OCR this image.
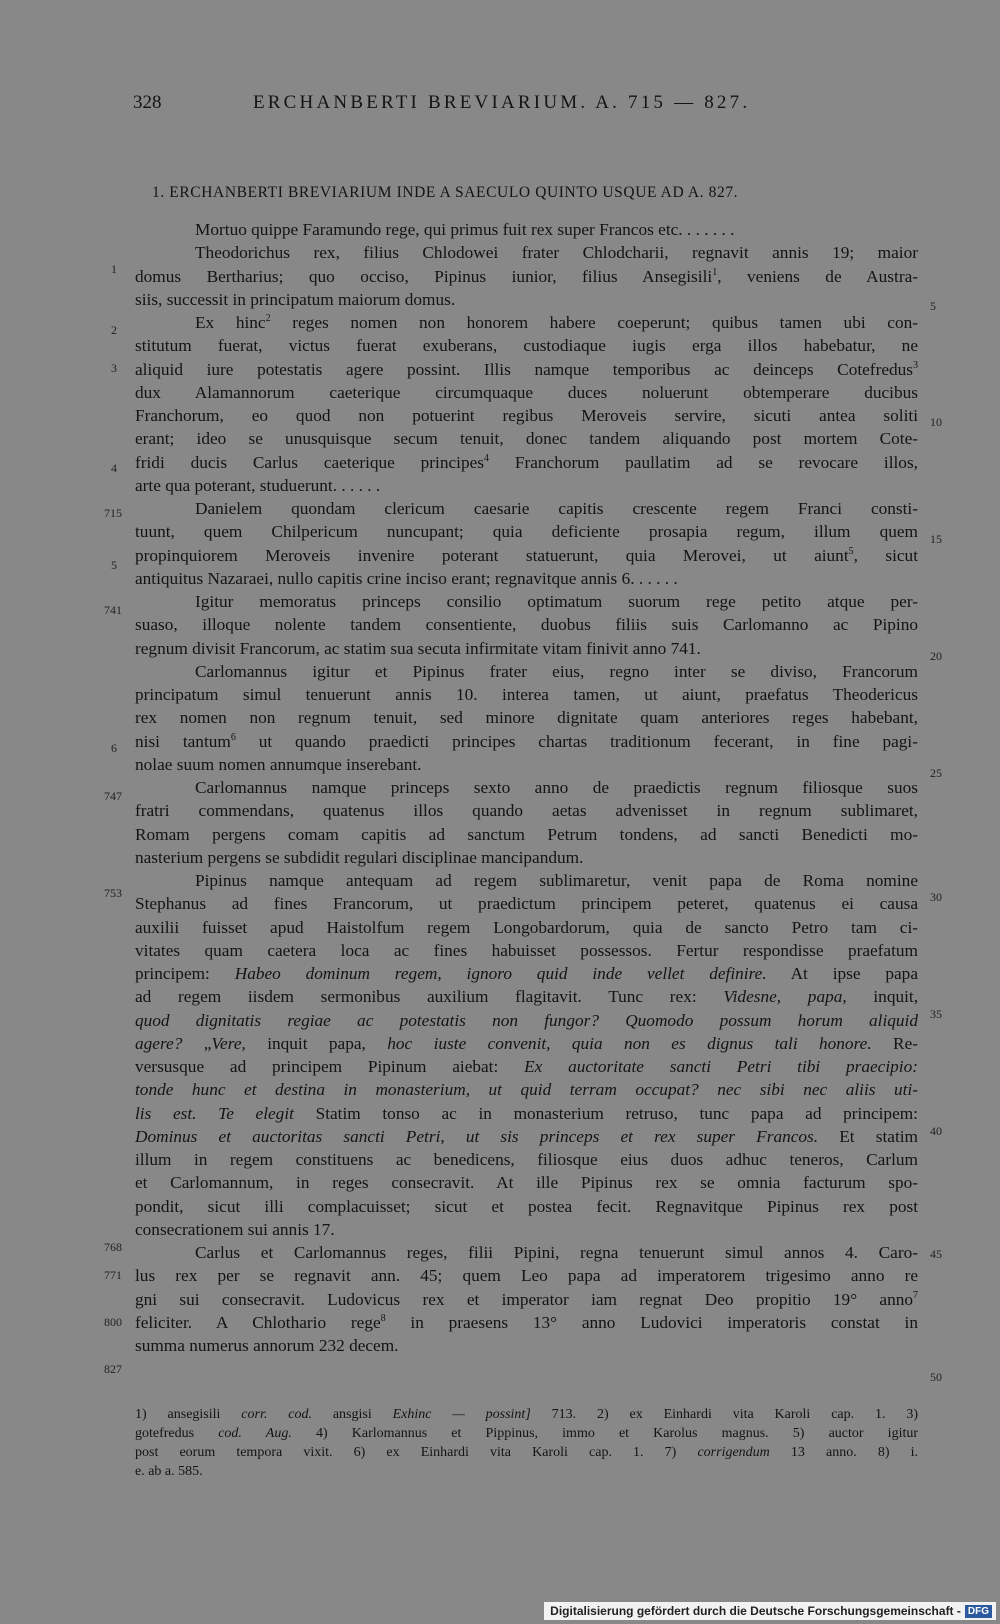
328	ERCHANBERTI BREVIARIUM. A. 715 — 827.
1. ERCHANBERTI BREVIARIUM INDE A SAECULO QUINTO USQUE AD A. 827.
Mortuo quippe Faramundo rege, qui primus fuit rex super Francos etc. . . . . . .
Theodorichus rex, filius Chlodowei frater Chlodcharii, regnavit annis 19; maior
domus Bertharius; quo occiso, Pipinus iunior, filius Ansegisili$^1$, veniens de Austra-
siis, successit in principatum maiorum domus.
Ex hinc$^2$ reges nomen non honorem habere coeperunt; quibus tamen ubi con-
stitutum fuerat, victus fuerat exuberans, custodiaque iugis erga illos habebatur, ne
aliquid iure potestatis agere possint. Illis namque temporibus ac deinceps Cotefredus$^3$
dux Alamannorum caeterique circumquaque duces noluerunt obtemperare ducibus
Franchorum, eo quod non potuerint regibus Meroveis servire, sicuti antea soliti
erant; ideo se unusquisque secum tenuit, donec tandem aliquando post mortem Cote-
fridi ducis Carlus caeterique principes$^4$ Franchorum paullatim ad se revocare illos,
arte qua poterant, studuerunt. . . . . .
Danielem quondam clericum caesarie capitis crescente regem Franci consti-
tuunt, quem Chilpericum nuncupant; quia deficiente prosapia regum, illum quem
propinquiorem Meroveis invenire poterant statuerunt, quia Merovei, ut aiunt$^5$, sicut
antiquitus Nazaraei, nullo capitis crine inciso erant; regnavitque annis 6. . . . . .
Igitur memoratus princeps consilio optimatum suorum rege petito atque per-
suaso, illoque nolente tandem consentiente, duobus filiis suis Carlomanno ac Pipino
regnum divisit Francorum, ac statim sua secuta infirmitate vitam finivit anno 741.
Carlomannus igitur et Pipinus frater eius, regno inter se diviso, Francorum
principatum simul tenuerunt annis 10. interea tamen, ut aiunt, praefatus Theodericus
rex nomen non regnum tenuit, sed minore dignitate quam anteriores reges habebant,
nisi tantum$^6$ ut quando praedicti principes chartas traditionum fecerant, in fine pagi-
nolae suum nomen annumque inserebant.
Carlomannus namque princeps sexto anno de praedictis regnum filiosque suos
fratri commendans, quatenus illos quando aetas advenisset in regnum sublimaret,
Romam pergens comam capitis ad sanctum Petrum tondens, ad sancti Benedicti mo-
nasterium pergens se subdidit regulari disciplinae mancipandum.
Pipinus namque antequam ad regem sublimaretur, venit papa de Roma nomine
Stephanus ad fines Francorum, ut praedictum principem peteret, quatenus ei causa
auxilii fuisset apud Haistolfum regem Longobardorum, quia de sancto Petro tam ci-
vitates quam caetera loca ac fines habuisset possessos. Fertur respondisse praefatum
principem: Habeo dominum regem, ignoro quid inde vellet definire. At ipse papa
ad regem iisdem sermonibus auxilium flagitavit. Tunc rex: Videsne, papa, inquit,
quod dignitatis regiae ac potestatis non fungor? Quomodo possum horum aliquid
agere? „Vere, inquit papa, hoc iuste convenit, quia non es dignus tali honore. Re-
versusque ad principem Pipinum aiebat: Ex auctoritate sancti Petri tibi praecipio:
tonde hunc et destina in monasterium, ut quid terram occupat? nec sibi nec aliis uti-
lis est. Te elegit Statim tonso ac in monasterium retruso, tunc papa ad principem:
Dominus et auctoritas sancti Petri, ut sis princeps et rex super Francos. Et statim
illum in regem constituens ac benedicens, filiosque eius duos adhuc teneros, Carlum
et Carlomannum, in reges consecravit. At ille Pipinus rex se omnia facturum spo-
pondit, sicut illi complacuisset; sicut et postea fecit. Regnavitque Pipinus rex post
consecrationem sui annis 17.
Carlus et Carlomannus reges, filii Pipini, regna tenuerunt simul annos 4. Caro-
lus rex per se regnavit ann. 45; quem Leo papa ad imperatorem trigesimo anno re
gni sui consecravit. Ludovicus rex et imperator iam regnat Deo propitio 19° anno$^7$
feliciter. A Chlothario rege$^8$ in praesens 13° anno Ludovici imperatoris constat in
summa numerus annorum 232 decem.
1
2
3
4
715
5
741
6
747
753
768
771
800
827
5
10
15
20
25
30
35
40
45
50
1) ansegisili corr. cod. ansgisi Exhinc — possint] 713. 2) ex Einhardi vita Karoli cap. 1. 3)
gotefredus cod. Aug. 4) Karlomannus et Pippinus, immo et Karolus magnus. 5) auctor igitur
post eorum tempora vixit. 6) ex Einhardi vita Karoli cap. 1. 7) corrigendum 13 anno. 8) i.
e. ab a. 585.
Digitalisierung gefördert durch die Deutsche Forschungsgemeinschaft - DFG
